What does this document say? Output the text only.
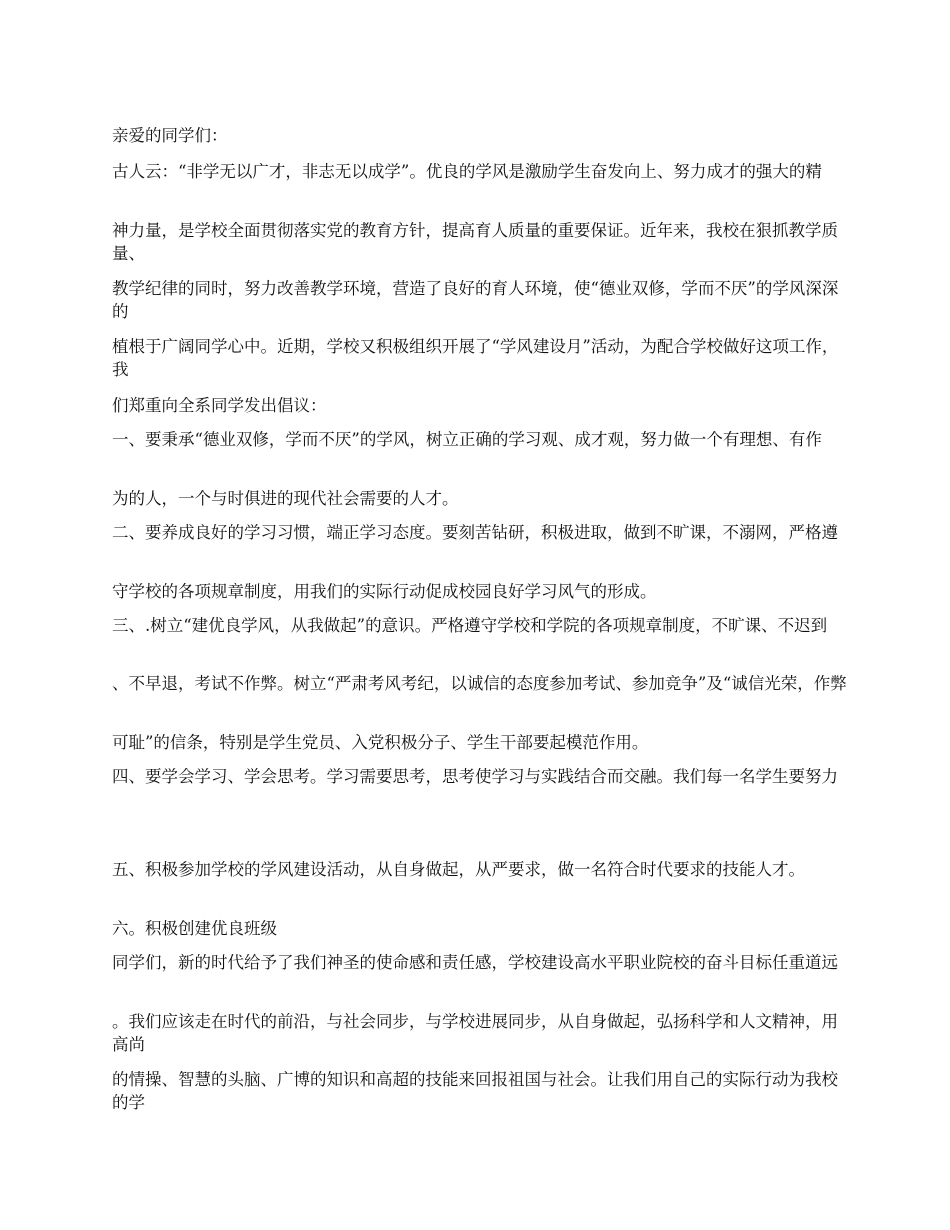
亲爱的同学们：

古人云：“非学无以广才，非志无以成学”。优良的学风是激励学生奋发向上、努力成才的强大的精

神力量，是学校全面贯彻落实党的教育方针，提高育人质量的重要保证。近年来，我校在狠抓教学质量、

教学纪律的同时，努力改善教学环境，营造了良好的育人环境，使“德业双修，学而不厌”的学风深深的

植根于广阔同学心中。近期，学校又积极组织开展了“学风建设月”活动，为配合学校做好这项工作，我

们郑重向全系同学发出倡议：

一、要秉承“德业双修，学而不厌”的学风，树立正确的学习观、成才观，努力做一个有理想、有作

为的人，一个与时俱进的现代社会需要的人才。

二、要养成良好的学习习惯，端正学习态度。要刻苦钻研，积极进取，做到不旷课，不溺网，严格遵

守学校的各项规章制度，用我们的实际行动促成校园良好学习风气的形成。

三、.树立“建优良学风，从我做起”的意识。严格遵守学校和学院的各项规章制度，不旷课、不迟到

、不早退，考试不作弊。树立“严肃考风考纪，以诚信的态度参加考试、参加竞争”及“诚信光荣，作弊

可耻”的信条，特别是学生党员、入党积极分子、学生干部要起模范作用。

四、要学会学习、学会思考。学习需要思考，思考使学习与实践结合而交融。我们每一名学生要努力

五、积极参加学校的学风建设活动，从自身做起，从严要求，做一名符合时代要求的技能人才。

六。积极创建优良班级

同学们，新的时代给予了我们神圣的使命感和责任感，学校建设高水平职业院校的奋斗目标任重道远

。我们应该走在时代的前沿，与社会同步，与学校进展同步，从自身做起，弘扬科学和人文精神，用高尚

的情操、智慧的头脑、广博的知识和高超的技能来回报祖国与社会。让我们用自己的实际行动为我校的学
